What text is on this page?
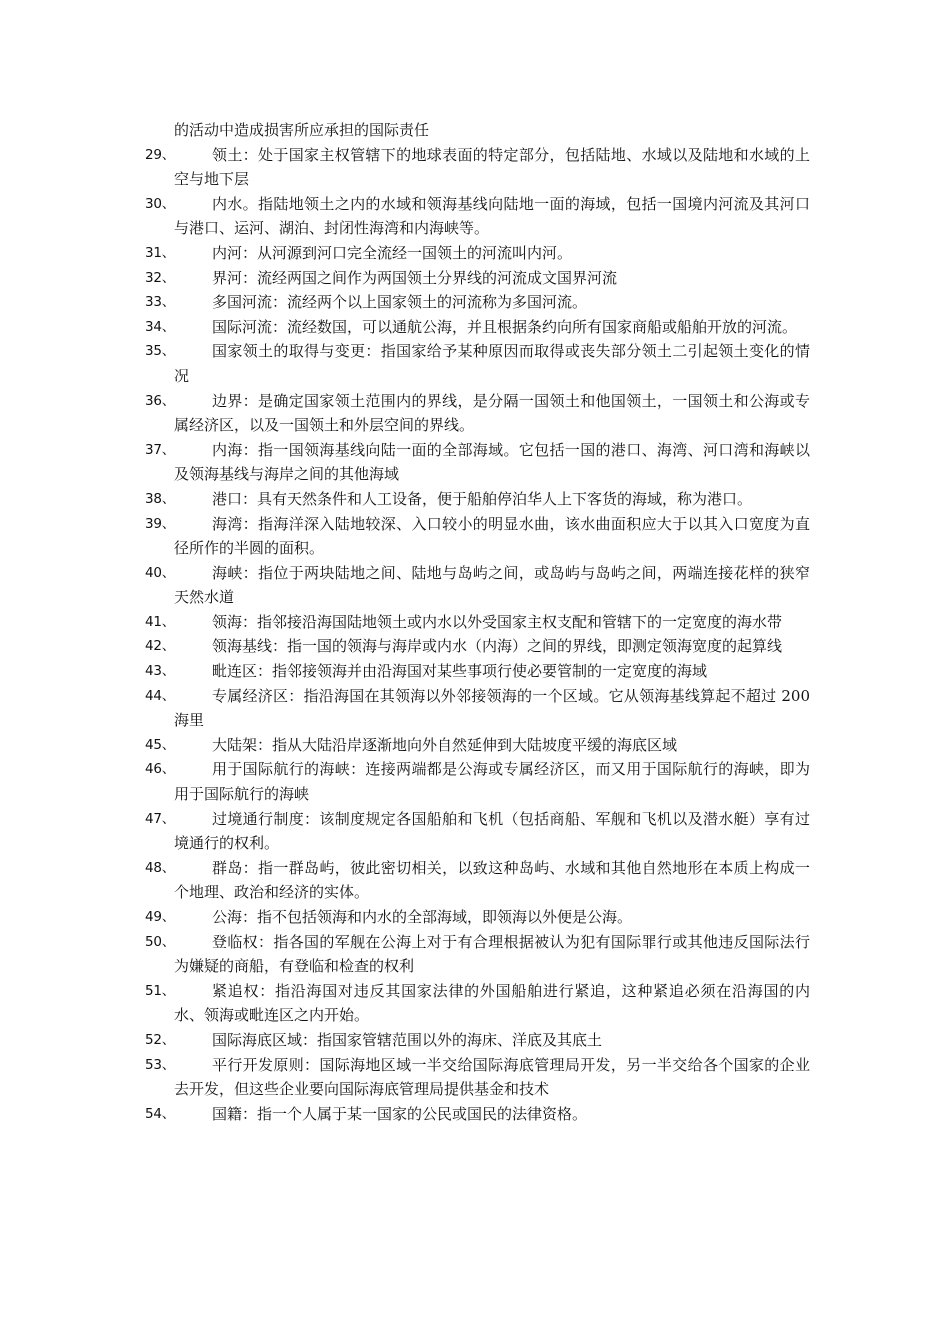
的活动中造成损害所应承担的国际责任
29、	领土：处于国家主权管辖下的地球表面的特定部分，包括陆地、水域以及陆地和水域的上空与地下层
30、	内水。指陆地领土之内的水域和领海基线向陆地一面的海域，包括一国境内河流及其河口与港口、运河、湖泊、封闭性海湾和内海峡等。
31、	内河：从河源到河口完全流经一国领土的河流叫内河。
32、	界河：流经两国之间作为两国领土分界线的河流成文国界河流
33、	多国河流：流经两个以上国家领土的河流称为多国河流。
34、	国际河流：流经数国，可以通航公海，并且根据条约向所有国家商船或船舶开放的河流。
35、	国家领土的取得与变更：指国家给予某种原因而取得或丧失部分领土二引起领土变化的情况
36、	边界：是确定国家领土范围内的界线，是分隔一国领土和他国领土，一国领土和公海或专属经济区，以及一国领土和外层空间的界线。
37、	内海：指一国领海基线向陆一面的全部海域。它包括一国的港口、海湾、河口湾和海峡以及领海基线与海岸之间的其他海域
38、	港口：具有天然条件和人工设备，便于船舶停泊华人上下客货的海域，称为港口。
39、	海湾：指海洋深入陆地较深、入口较小的明显水曲，该水曲面积应大于以其入口宽度为直径所作的半圆的面积。
40、	海峡：指位于两块陆地之间、陆地与岛屿之间，或岛屿与岛屿之间，两端连接花样的狭窄天然水道
41、	领海：指邻接沿海国陆地领土或内水以外受国家主权支配和管辖下的一定宽度的海水带
42、	领海基线：指一国的领海与海岸或内水（内海）之间的界线，即测定领海宽度的起算线
43、	毗连区：指邻接领海并由沿海国对某些事项行使必要管制的一定宽度的海域
44、	专属经济区：指沿海国在其领海以外邻接领海的一个区域。它从领海基线算起不超过 200 海里
45、	大陆架：指从大陆沿岸逐渐地向外自然延伸到大陆坡度平缓的海底区域
46、	用于国际航行的海峡：连接两端都是公海或专属经济区，而又用于国际航行的海峡，即为用于国际航行的海峡
47、	过境通行制度：该制度规定各国船舶和飞机（包括商船、军舰和飞机以及潜水艇）享有过境通行的权利。
48、	群岛：指一群岛屿，彼此密切相关，以致这种岛屿、水域和其他自然地形在本质上构成一个地理、政治和经济的实体。
49、	公海：指不包括领海和内水的全部海域，即领海以外便是公海。
50、	登临权：指各国的军舰在公海上对于有合理根据被认为犯有国际罪行或其他违反国际法行为嫌疑的商船，有登临和检查的权利
51、	紧追权：指沿海国对违反其国家法律的外国船舶进行紧追，这种紧追必须在沿海国的内水、领海或毗连区之内开始。
52、	国际海底区域：指国家管辖范围以外的海床、洋底及其底土
53、	平行开发原则：国际海地区域一半交给国际海底管理局开发，另一半交给各个国家的企业去开发，但这些企业要向国际海底管理局提供基金和技术
54、	国籍：指一个人属于某一国家的公民或国民的法律资格。
